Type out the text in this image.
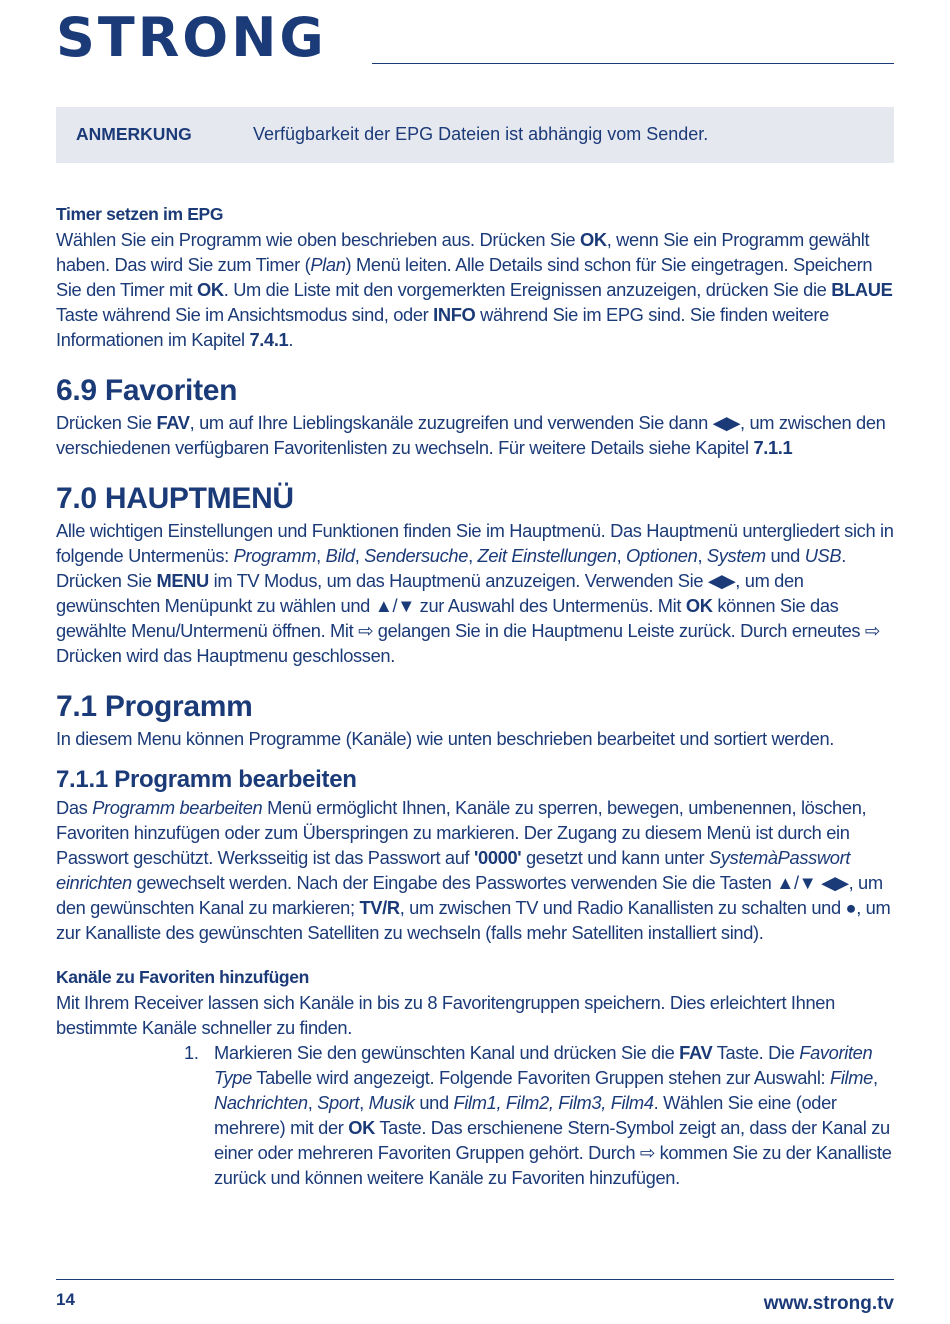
STRONG
ANMERKUNG	Verfügbarkeit der EPG Dateien ist abhängig vom Sender.
Timer setzen im EPG

Wählen Sie ein Programm wie oben beschrieben aus. Drücken Sie OK, wenn Sie ein Programm gewählt haben. Das wird Sie zum Timer (Plan) Menü leiten. Alle Details sind schon für Sie eingetragen. Speichern Sie den Timer mit OK. Um die Liste mit den vorgemerkten Ereignissen anzuzeigen, drücken Sie die BLAUE Taste während Sie im Ansichtsmodus sind, oder INFO während Sie im EPG sind. Sie finden weitere Informationen im Kapitel 7.4.1.

6.9 Favoriten

Drücken Sie FAV, um auf Ihre Lieblingskanäle zuzugreifen und verwenden Sie dann ◀▶, um zwischen den verschiedenen verfügbaren Favoritenlisten zu wechseln. Für weitere Details siehe Kapitel 7.1.1

7.0 HAUPTMENÜ

Alle wichtigen Einstellungen und Funktionen finden Sie im Hauptmenü. Das Hauptmenü untergliedert sich in folgende Untermenüs: Programm, Bild, Sendersuche, Zeit Einstellungen, Optionen, System und USB. Drücken Sie MENU im TV Modus, um das Hauptmenü anzuzeigen. Verwenden Sie ◀▶, um den gewünschten Menüpunkt zu wählen und ▲/▼ zur Auswahl des Untermenüs. Mit OK können Sie das gewählte Menu/Untermenü öffnen. Mit ⇨ gelangen Sie in die Hauptmenu Leiste zurück. Durch erneutes ⇨ Drücken wird das Hauptmenu geschlossen.

7.1 Programm

In diesem Menu können Programme (Kanäle) wie unten beschrieben bearbeitet und sortiert werden.

7.1.1 Programm bearbeiten

Das Programm bearbeiten Menü ermöglicht Ihnen, Kanäle zu sperren, bewegen, umbenennen, löschen, Favoriten hinzufügen oder zum Überspringen zu markieren. Der Zugang zu diesem Menü ist durch ein Passwort geschützt. Werksseitig ist das Passwort auf '0000' gesetzt und kann unter SystemàPasswort einrichten gewechselt werden. Nach der Eingabe des Passwortes verwenden Sie die Tasten ▲/▼ ◀▶, um den gewünschten Kanal zu markieren; TV/R, um zwischen TV und Radio Kanallisten zu schalten und ●, um zur Kanalliste des gewünschten Satelliten zu wechseln (falls mehr Satelliten installiert sind).

Kanäle zu Favoriten hinzufügen

Mit Ihrem Receiver lassen sich Kanäle in bis zu 8 Favoritengruppen speichern. Dies erleichtert Ihnen bestimmte Kanäle schneller zu finden.

1. Markieren Sie den gewünschten Kanal und drücken Sie die FAV Taste. Die Favoriten Type Tabelle wird angezeigt. Folgende Favoriten Gruppen stehen zur Auswahl: Filme, Nachrichten, Sport, Musik und Film1, Film2, Film3, Film4. Wählen Sie eine (oder mehrere) mit der OK Taste. Das erschienene Stern-Symbol zeigt an, dass der Kanal zu einer oder mehreren Favoriten Gruppen gehört. Durch ⇨ kommen Sie zu der Kanalliste zurück und können weitere Kanäle zu Favoriten hinzufügen.
14	www.strong.tv
